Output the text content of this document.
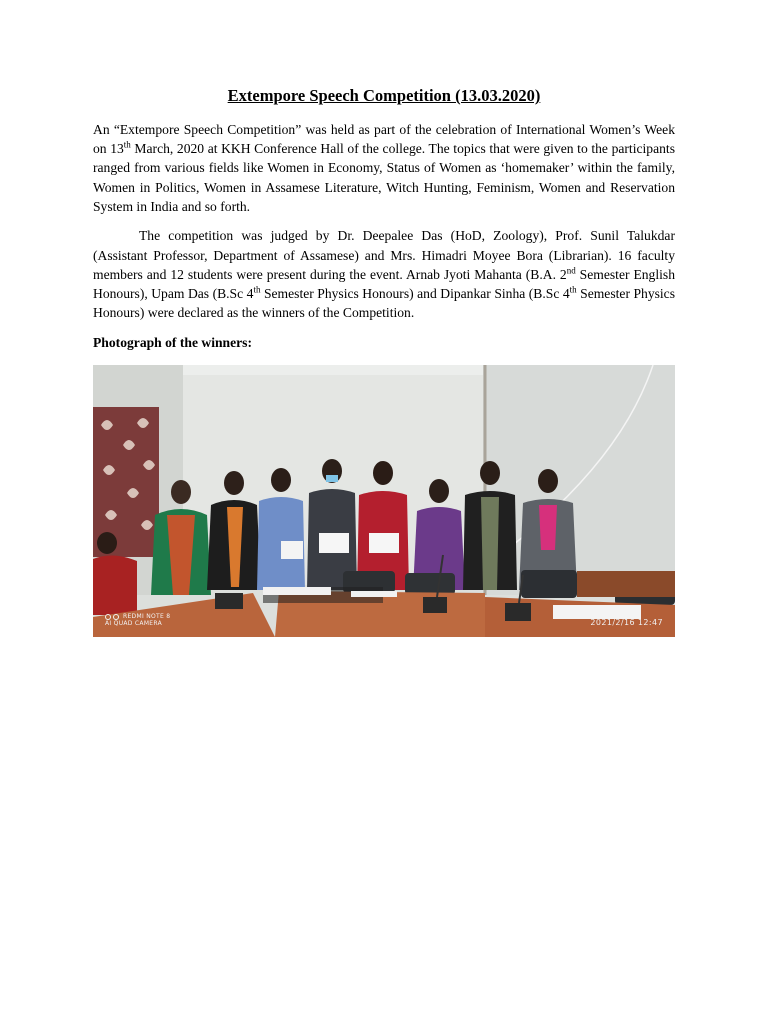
Extempore Speech Competition (13.03.2020)

An “Extempore Speech Competition” was held as part of the celebration of International Women’s Week on 13th March, 2020 at KKH Conference Hall of the college. The topics that were given to the participants ranged from various fields like Women in Economy, Status of Women as ‘homemaker’ within the family, Women in Politics, Women in Assamese Literature, Witch Hunting, Feminism, Women and Reservation System in India and so forth.

The competition was judged by Dr. Deepalee Das (HoD, Zoology), Prof. Sunil Talukdar (Assistant Professor, Department of Assamese) and Mrs. Himadri Moyee Bora (Librarian). 16 faculty members and 12 students were present during the event. Arnab Jyoti Mahanta (B.A. 2nd Semester English Honours), Upam Das (B.Sc 4th Semester Physics Honours) and Dipankar Sinha (B.Sc 4th Semester Physics Honours) were declared as the winners of the Competition.

Photograph of the winners:
REDMI NOTE 8
AI QUAD CAMERA	2021/2/16 12:47
